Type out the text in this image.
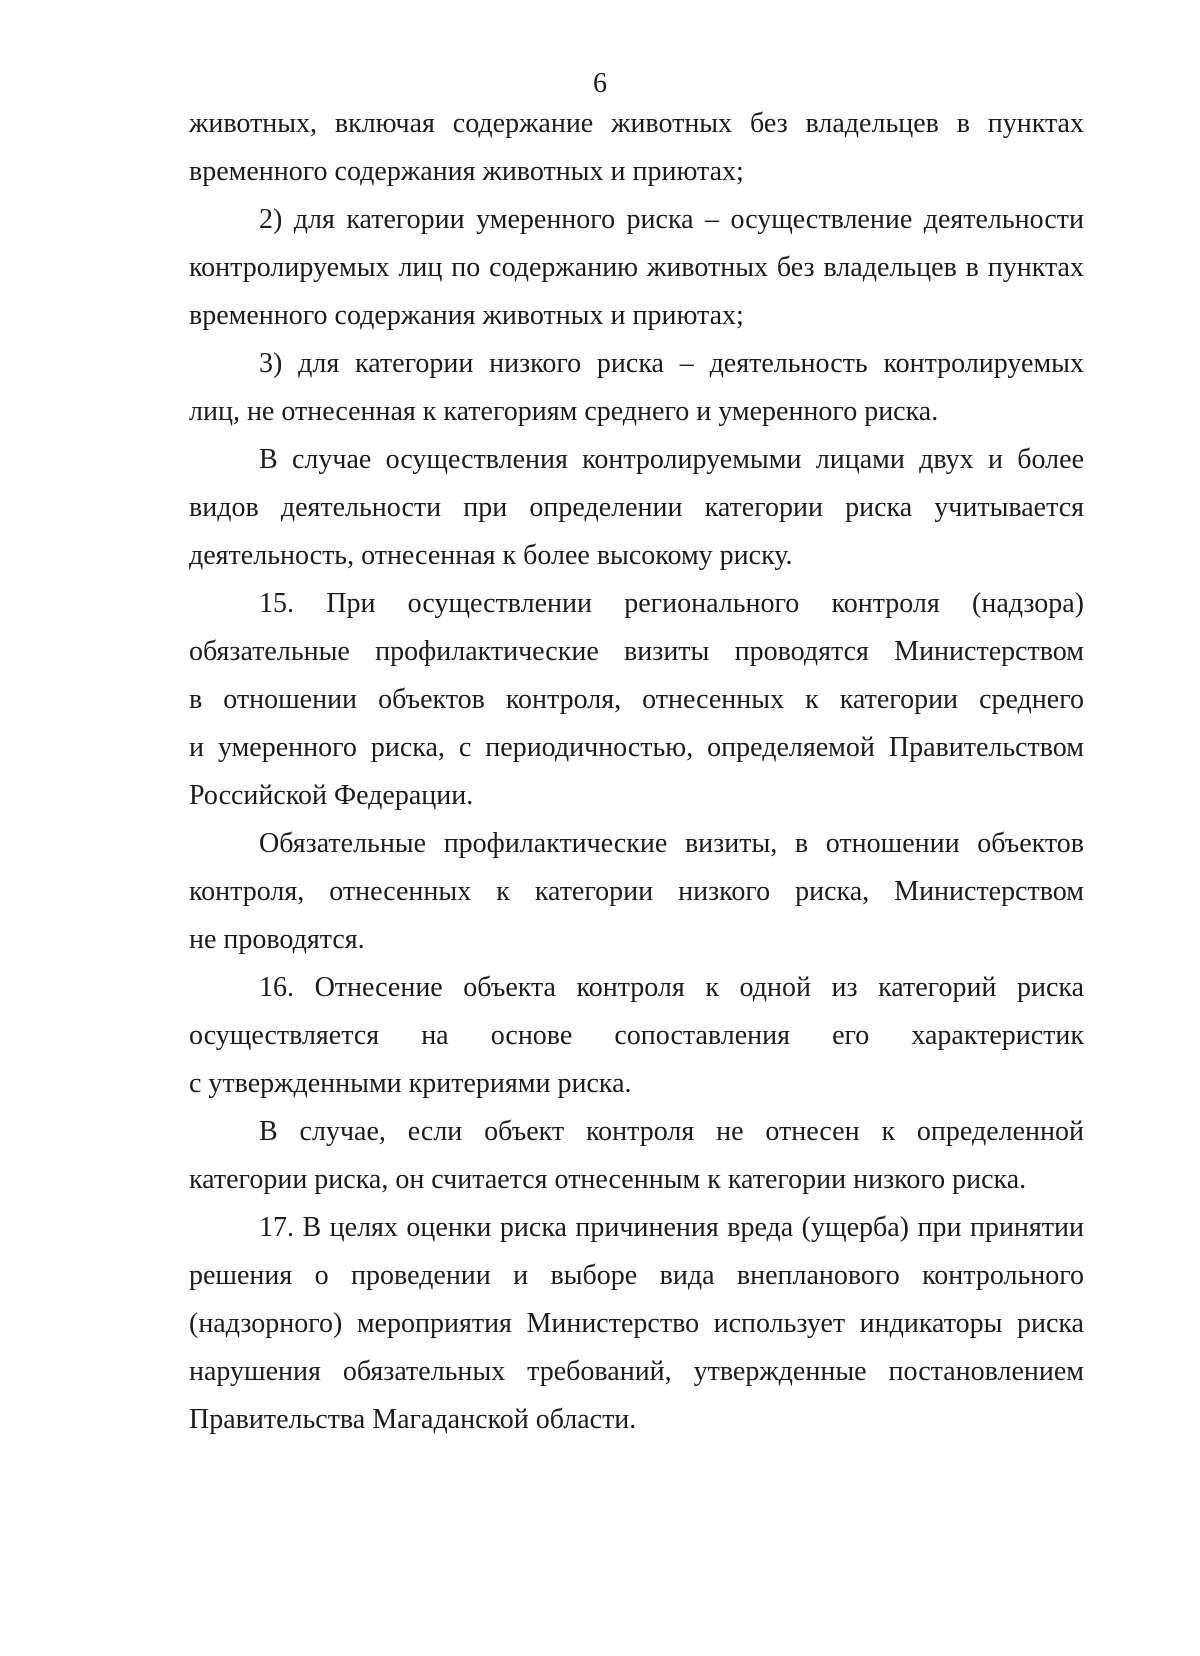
6
животных, включая содержание животных без владельцев в пунктах
временного содержания животных и приютах;
2) для категории умеренного риска – осуществление деятельности
контролируемых лиц по содержанию животных без владельцев в пунктах
временного содержания животных и приютах;
3) для категории низкого риска – деятельность контролируемых
лиц, не отнесенная к категориям среднего и умеренного риска.
В случае осуществления контролируемыми лицами двух и более
видов деятельности при определении категории риска учитывается
деятельность, отнесенная к более высокому риску.
15. При осуществлении регионального контроля (надзора)
обязательные профилактические визиты проводятся Министерством
в отношении объектов контроля, отнесенных к категории среднего
и умеренного риска, с периодичностью, определяемой Правительством
Российской Федерации.
Обязательные профилактические визиты, в отношении объектов
контроля, отнесенных к категории низкого риска, Министерством
не проводятся.
16. Отнесение объекта контроля к одной из категорий риска
осуществляется на основе сопоставления его характеристик
с утвержденными критериями риска.
В случае, если объект контроля не отнесен к определенной
категории риска, он считается отнесенным к категории низкого риска.
17. В целях оценки риска причинения вреда (ущерба) при принятии
решения о проведении и выборе вида внепланового контрольного
(надзорного) мероприятия Министерство использует индикаторы риска
нарушения обязательных требований, утвержденные постановлением
Правительства Магаданской области.
